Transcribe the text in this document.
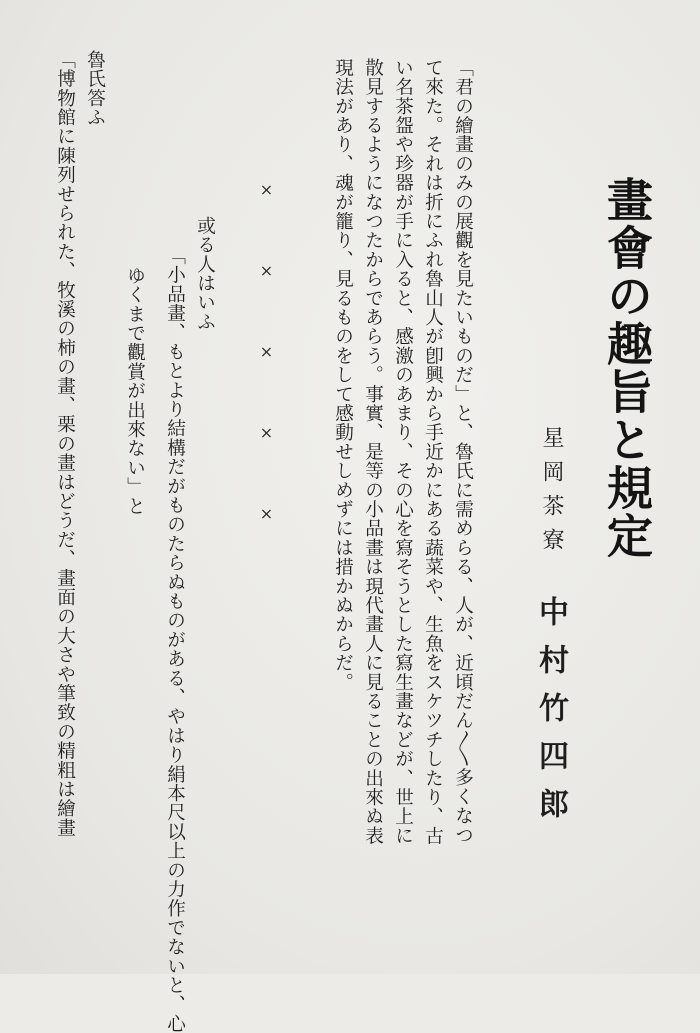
畫會の趣旨と規定
星岡茶寮
中村竹四郎
「君の繪畫のみの展觀を見たいものだ」と、魯氏に需めらる、人が、近頃だん〳〵多くなつ
て來た。それは折にふれ魯山人が卽興から手近かにある蔬菜や、生魚をスケツチしたり、古
い名茶盌や珍器が手に入ると、感激のあまり、その心を寫そうとした寫生畫などが、世上に
散見するようになつたからであらう。事實、是等の小品畫は現代畫人に見ることの出來ぬ表
現法があり、魂が籠り、見るものをして感動せしめずには措かぬからだ。
×××××
或る人はいふ
「小品畫、もとより結構だがものたらぬものがある、やはり絹本尺以上の力作でないと、心
ゆくまで觀賞が出來ない」と
魯氏答ふ
「博物館に陳列せられた、牧溪の柿の畫、栗の畫はどうだ、畫面の大さや筆致の精粗は繪畫
